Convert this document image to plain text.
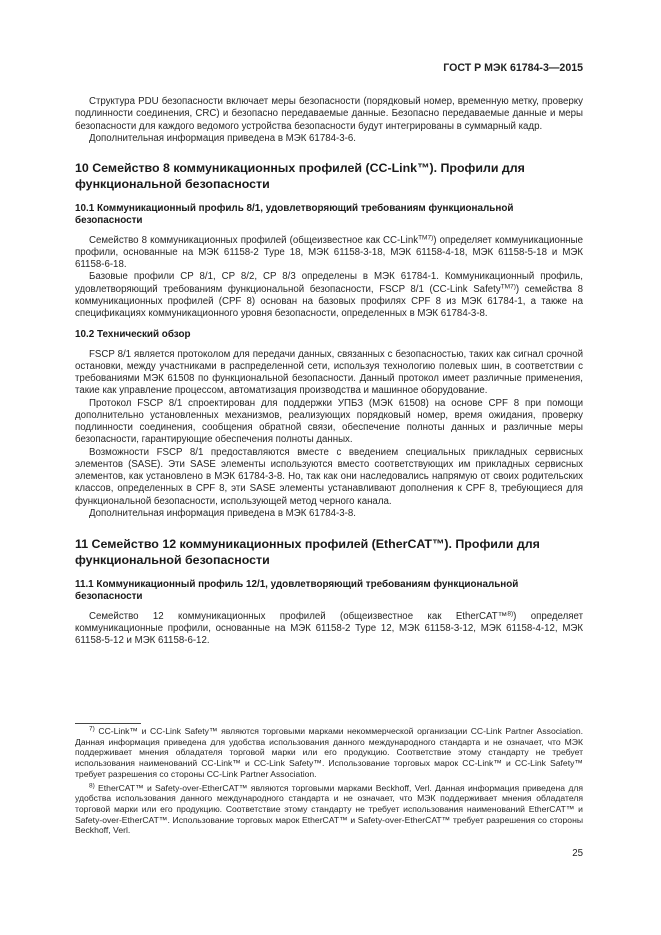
ГОСТ Р МЭК 61784-3—2015

Структура PDU безопасности включает меры безопасности (порядковый номер, временную метку, проверку подлинности соединения, CRC) и безопасно передаваемые данные. Безопасно передаваемые данные и меры безопасности для каждого ведомого устройства безопасности будут интегрированы в суммарный кадр.

Дополнительная информация приведена в МЭК 61784-3-6.

10 Семейство 8 коммуникационных профилей (CC-Link™). Профили для функциональной безопасности
10.1 Коммуникационный профиль 8/1, удовлетворяющий требованиям функциональной безопасности

Семейство 8 коммуникационных профилей (общеизвестное как CC-Link$^{TM7)}$) определяет коммуникационные профили, основанные на МЭК 61158-2 Type 18, МЭК 61158-3-18, МЭК 61158-4-18, МЭК 61158-5-18 и МЭК 61158-6-18.

Базовые профили CP 8/1, CP 8/2, CP 8/3 определены в МЭК 61784-1. Коммуникационный профиль, удовлетворяющий требованиям функциональной безопасности, FSCP 8/1 (CC-Link Safety$^{TM7)}$) семейства 8 коммуникационных профилей (CPF 8) основан на базовых профилях CPF 8 из МЭК 61784-1, а также на спецификациях коммуникационного уровня безопасности, определенных в МЭК 61784-3-8.

10.2 Технический обзор

FSCP 8/1 является протоколом для передачи данных, связанных с безопасностью, таких как сигнал срочной остановки, между участниками в распределенной сети, используя технологию полевых шин, в соответствии с требованиями МЭК 61508 по функциональной безопасности. Данный протокол имеет различные применения, такие как управление процессом, автоматизация производства и машинное оборудование.

Протокол FSCP 8/1 спроектирован для поддержки УПБЗ (МЭК 61508) на основе CPF 8 при помощи дополнительно установленных механизмов, реализующих порядковый номер, время ожидания, проверку подлинности соединения, сообщения обратной связи, обеспечение полноты данных и различные меры безопасности, гарантирующие обеспечения полноты данных.

Возможности FSCP 8/1 предоставляются вместе с введением специальных прикладных сервисных элементов (SASE). Эти SASE элементы используются вместо соответствующих им прикладных сервисных элементов, как установлено в МЭК 61784-3-8. Но, так как они наследовались напрямую от своих родительских классов, определенных в CPF 8, эти SASE элементы устанавливают дополнения к CPF 8, требующиеся для функциональной безопасности, использующей метод черного канала.

Дополнительная информация приведена в МЭК 61784-3-8.

11 Семейство 12 коммуникационных профилей (EtherCAT™). Профили для функциональной безопасности
11.1 Коммуникационный профиль 12/1, удовлетворяющий требованиям функциональной безопасности

Семейство 12 коммуникационных профилей (общеизвестное как EtherCAT™$^{8)}$) определяет коммуникационные профили, основанные на МЭК 61158-2 Type 12, МЭК 61158-3-12, МЭК 61158-4-12, МЭК 61158-5-12 и МЭК 61158-6-12.

$^{7)}$ CC-Link™ и CC-Link Safety™ являются торговыми марками некоммерческой организации CC-Link Partner Association. Данная информация приведена для удобства использования данного международного стандарта и не означает, что МЭК поддерживает мнения обладателя торговой марки или его продукцию. Соответствие этому стандарту не требует использования наименований CC-Link™ и CC-Link Safety™. Использование торговых марок CC-Link™ и CC-Link Safety™ требует разрешения со стороны CC-Link Partner Association.

$^{8)}$ EtherCAT™ и Safety-over-EtherCAT™ являются торговыми марками Beckhoff, Verl. Данная информация приведена для удобства использования данного международного стандарта и не означает, что МЭК поддерживает мнения обладателя торговой марки или его продукцию. Соответствие этому стандарту не требует использования наименований EtherCAT™ и Safety-over-EtherCAT™. Использование торговых марок EtherCAT™ и Safety-over-EtherCAT™ требует разрешения со стороны Beckhoff, Verl.

25
